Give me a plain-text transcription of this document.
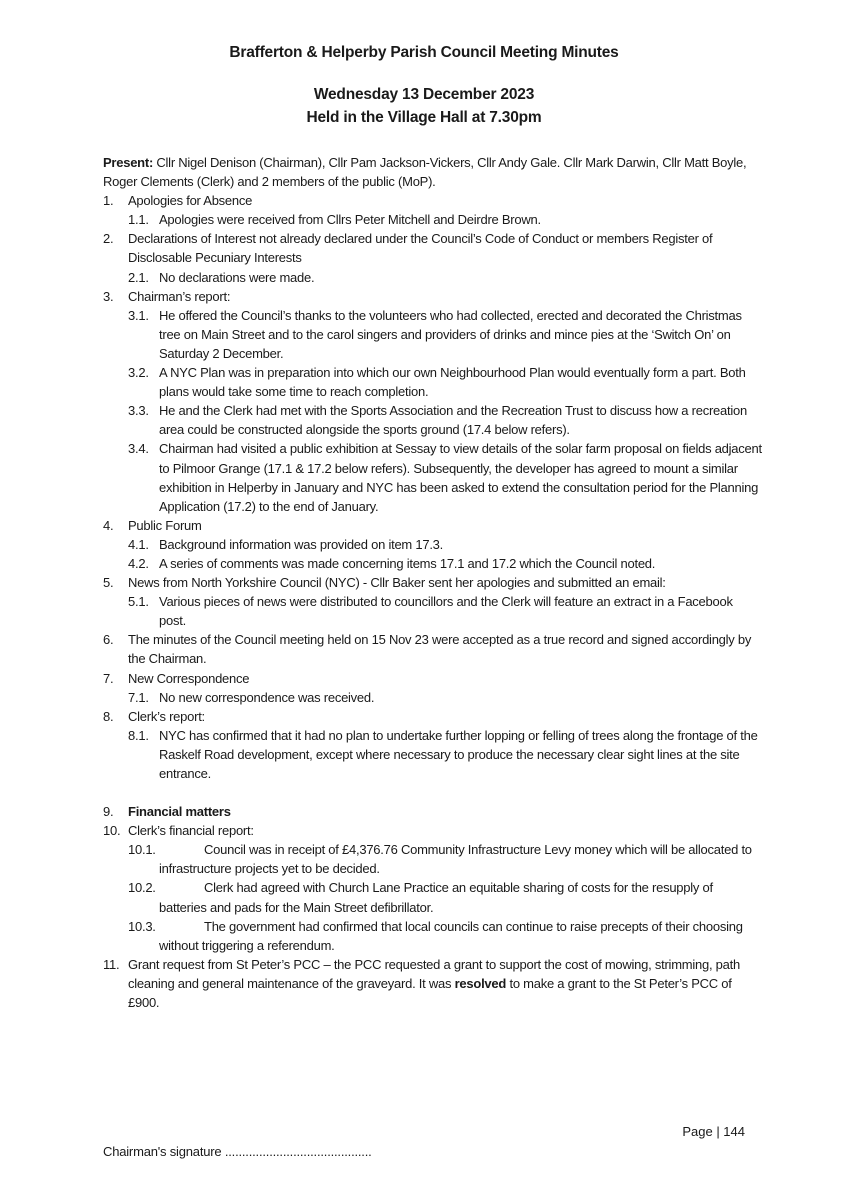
Brafferton & Helperby Parish Council Meeting Minutes
Wednesday 13 December 2023
Held in the Village Hall at 7.30pm
Present: Cllr Nigel Denison (Chairman), Cllr Pam Jackson-Vickers, Cllr Andy Gale. Cllr Mark Darwin, Cllr Matt Boyle, Roger Clements (Clerk) and 2 members of the public (MoP).
1. Apologies for Absence
1.1. Apologies were received from Cllrs Peter Mitchell and Deirdre Brown.
2. Declarations of Interest not already declared under the Council’s Code of Conduct or members Register of Disclosable Pecuniary Interests
2.1. No declarations were made.
3. Chairman’s report:
3.1. He offered the Council’s thanks to the volunteers who had collected, erected and decorated the Christmas tree on Main Street and to the carol singers and providers of drinks and mince pies at the ‘Switch On’ on Saturday 2 December.
3.2. A NYC Plan was in preparation into which our own Neighbourhood Plan would eventually form a part. Both plans would take some time to reach completion.
3.3. He and the Clerk had met with the Sports Association and the Recreation Trust to discuss how a recreation area could be constructed alongside the sports ground (17.4 below refers).
3.4. Chairman had visited a public exhibition at Sessay to view details of the solar farm proposal on fields adjacent to Pilmoor Grange (17.1 & 17.2 below refers). Subsequently, the developer has agreed to mount a similar exhibition in Helperby in January and NYC has been asked to extend the consultation period for the Planning Application (17.2) to the end of January.
4. Public Forum
4.1. Background information was provided on item 17.3.
4.2. A series of comments was made concerning items 17.1 and 17.2 which the Council noted.
5. News from North Yorkshire Council (NYC) - Cllr Baker sent her apologies and submitted an email:
5.1. Various pieces of news were distributed to councillors and the Clerk will feature an extract in a Facebook post.
6. The minutes of the Council meeting held on 15 Nov 23 were accepted as a true record and signed accordingly by the Chairman.
7. New Correspondence
7.1. No new correspondence was received.
8. Clerk’s report:
8.1. NYC has confirmed that it had no plan to undertake further lopping or felling of trees along the frontage of the Raskelf Road development, except where necessary to produce the necessary clear sight lines at the site entrance.
9. Financial matters
10. Clerk’s financial report:
10.1.	Council was in receipt of £4,376.76 Community Infrastructure Levy money which will be allocated to infrastructure projects yet to be decided.
10.2.	Clerk had agreed with Church Lane Practice an equitable sharing of costs for the resupply of batteries and pads for the Main Street defibrillator.
10.3.	The government had confirmed that local councils can continue to raise precepts of their choosing without triggering a referendum.
11. Grant request from St Peter’s PCC – the PCC requested a grant to support the cost of mowing, strimming, path cleaning and general maintenance of the graveyard. It was resolved to make a grant to the St Peter’s PCC of £900.
Page | 144
Chairman's signature ...........................................
